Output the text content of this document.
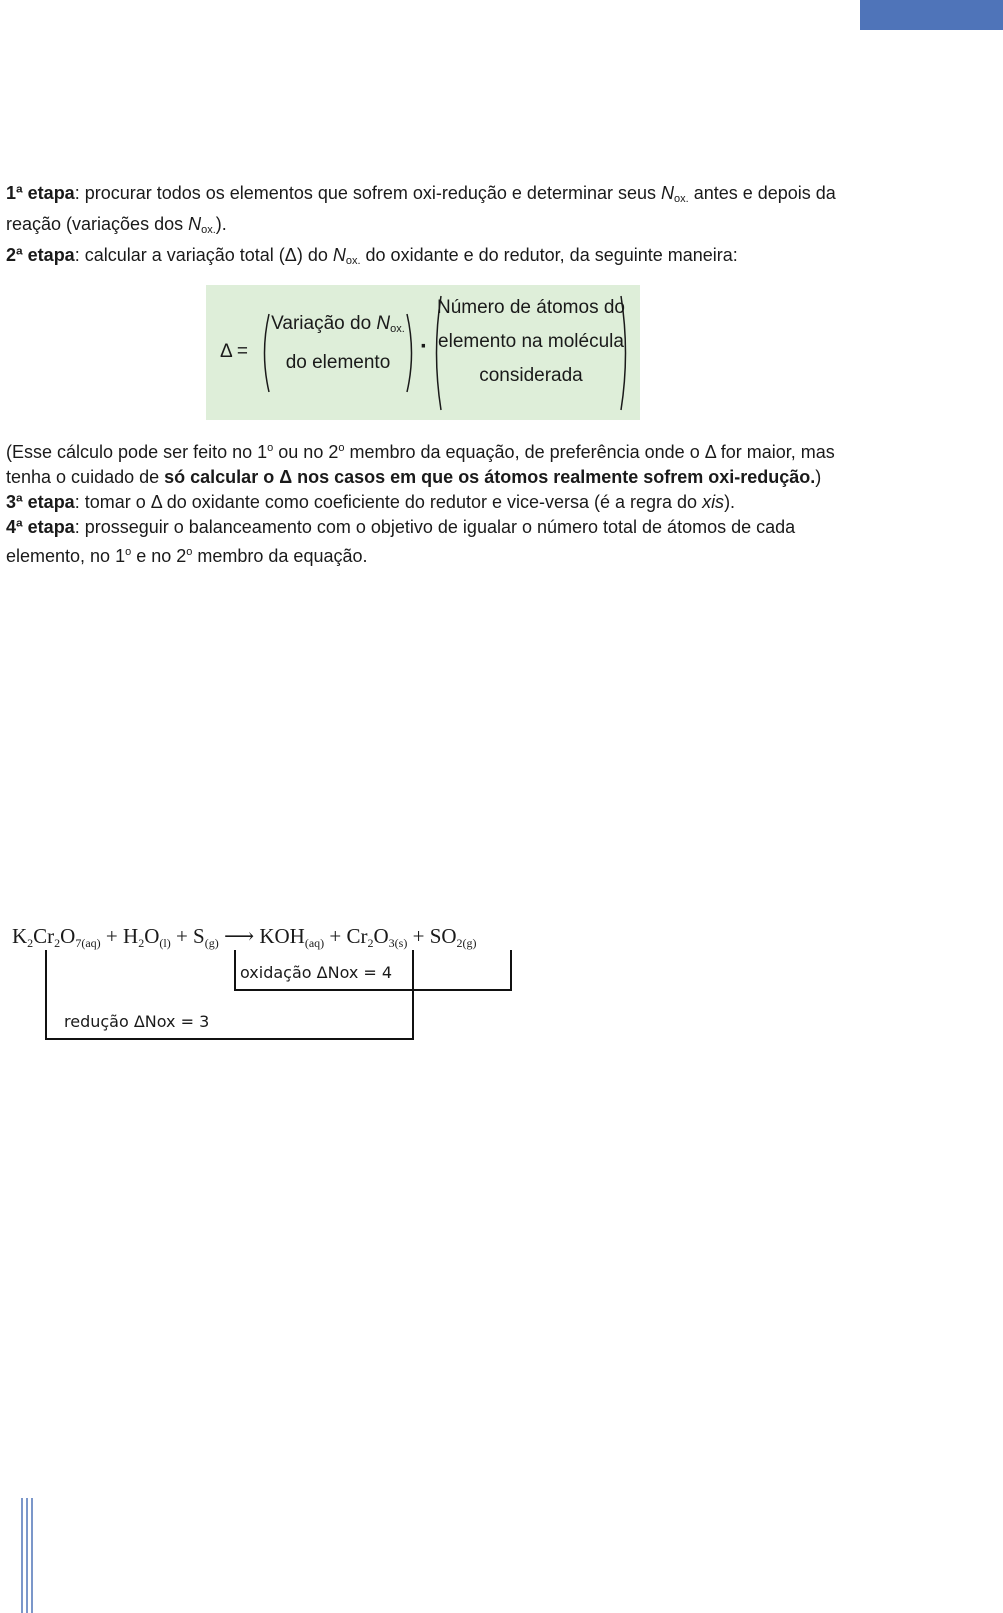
1ª etapa: procurar todos os elementos que sofrem oxi-redução e determinar seus $N_{ox.}$ antes e depois da reação (variações dos $N_{ox.}$).

2ª etapa: calcular a variação total (Δ) do $N_{ox.}$ do oxidante e do redutor, da seguinte maneira:

Δ =
Variação do $N_{ox.}$
do elemento
·
Número de átomos do
elemento na molécula
considerada

(Esse cálculo pode ser feito no 1$^o$ ou no 2$^o$ membro da equação, de preferência onde o Δ for maior, mas tenha o cuidado de só calcular o Δ nos casos em que os átomos realmente sofrem oxi-redução.)

3ª etapa: tomar o Δ do oxidante como coeficiente do redutor e vice-versa (é a regra do xis).

4ª etapa: prosseguir o balanceamento com o objetivo de igualar o número total de átomos de cada elemento, no 1$^o$ e no 2$^o$ membro da equação.

$K_2Cr_2O_{7(aq)} + H_2O_{(l)} + S_{(g)}$ ⟶ $KOH_{(aq)} + Cr_2O_{3(s)} + SO_{2(g)}$
oxidação ΔNox = 4
redução ΔNox = 3
